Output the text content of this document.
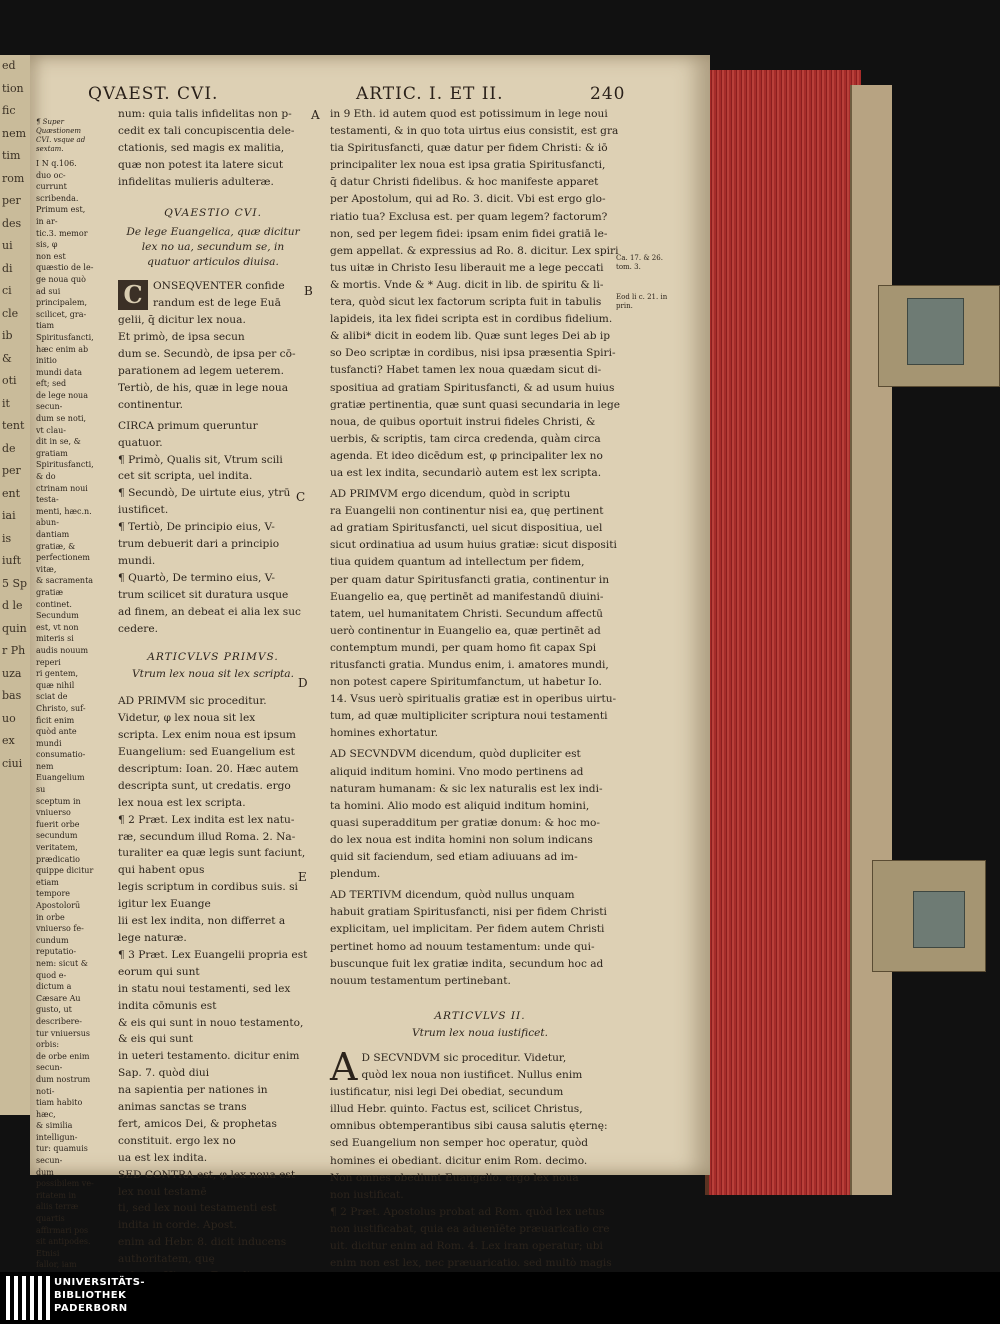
ed
tion
fic
nem
tim
rom
per
des
ui
di
ci
cle
ib
&
oti
it
tent
de
per
ent
iai
is
iuft
5 Sp
d le
quin
r Ph
uza
bas
uo
ex
ciui
QVAEST. CVI.	ARTIC. I. ET II.	240

¶ Super Quæstionem CVI. vsque ad sextam.

I N q.106. duo oc-

currunt scribenda.

Primum est, in ar-

tic.3. memor sis, φ

non est quæstio de le-

ge noua quò ad sui

principalem, scilicet, gra-

tiam Spiritusfancti,

hæc enim ab initio

mundi data eft; sed

de lege noua secun-

dum se noti, vt clau-

dit in se, & gratiam

Spiritusfancti, & do

ctrinam noui testa-

menti, hæc.n. abun-

dantiam gratiæ, &

perfectionem vitæ,

& sacramenta gratiæ

continet. Secundum

est, vt non miteris si

audis nouum reperi

ri gentem, quæ nihil

sciat de Christo, suf-

ficit enim quòd ante

mundi consumatio-

nem Euangelium su

sceptum in vniuerso

fuerit orbe secundum

veritatem, prædicatio

quippe dicitur etiam

tempore Apostolorū

in orbe vniuerso fe-

cundum reputatio-

nem: sicut & quod e-

dictum a Cæsare Au

gusto, ut describere-

tur vniuersus orbis:

de orbe enim secun-

dum nostrum noti-

tiam habito hæc,

& similia intelligun-

tur: quamuis secun-

dum possibilem ve-

ritatem in aliis terræ

quartis affirmari pos

sit antipodes. Etnisi

fallor, iam

num: quia talis infidelitas non p-

cedit ex tali concupiscentia dele-

ctationis, sed magis ex malitia,

quæ non potest ita latere sicut

infidelitas mulieris adulteræ.

QVAESTIO CVI.

De lege Euangelica, quæ dicitur lex no ua, secundum se, in quatuor articulos diuisa.

C ONSEQVENTER confide

randum est de lege Euā

gelii, q̄ dicitur lex noua.

Et primò, de ipsa secun

dum se. Secundò, de ipsa per cō-

parationem ad legem ueterem.

Tertiò, de his, quæ in lege noua

continentur.

CIRCA primum queruntur

quatuor.

¶ Primò, Qualis sit, Vtrum scili

cet sit scripta, uel indita.

¶ Secundò, De uirtute eius, ytrū

iustificet.

¶ Tertiò, De principio eius, V-

trum debuerit dari a principio

mundi.

¶ Quartò, De termino eius, V-

trum scilicet sit duratura usque

ad finem, an debeat ei alia lex suc

cedere.

ARTICVLVS PRIMVS.

Vtrum lex noua sit lex scripta.

AD PRIMVM sic proceditur.

Videtur, φ lex noua sit lex

scripta. Lex enim noua est ipsum

Euangelium: sed Euangelium est

descriptum: Ioan. 20. Hæc autem

descripta sunt, ut credatis. ergo

lex noua est lex scripta.

¶ 2 Præt. Lex indita est lex natu-

ræ, secundum illud Roma. 2. Na-

turaliter ea quæ legis sunt faciunt, qui habent opus

legis scriptum in cordibus suis. si igitur lex Euange

lii est lex indita, non differret a lege naturæ.

¶ 3 Præt. Lex Euangelii propria est eorum qui sunt

in statu noui testamenti, sed lex indita cōmunis est

& eis qui sunt in nouo testamento, & eis qui sunt

in ueteri testamento. dicitur enim Sap. 7. quòd diui

na sapientia per nationes in animas sanctas se trans

fert, amicos Dei, & prophetas constituit. ergo lex no

ua est lex indita.

SED CONTRA est, φ lex noua est lex noui testamē

ti, sed lex noui testamenti est indita in corde. Apost.

enim ad Hebr. 8. dicit inducens authoritatem, quę

in 9 Eth. id autem quod est potissimum in lege noui

testamenti, & in quo tota uirtus eius consistit, est gra

tia Spiritusfancti, quæ datur per fidem Christi: & iō

principaliter lex noua est ipsa gratia Spiritusfancti,

q̄ datur Christi fidelibus. & hoc manifeste apparet

per Apostolum, qui ad Ro. 3. dicit. Vbi est ergo glo-

riatio tua? Exclusa est. per quam legem? factorum?

non, sed per legem fidei: ipsam enim fidei gratiā le-

gem appellat. & expressius ad Ro. 8. dicitur. Lex spiri

tus uitæ in Christo Iesu liberauit me a lege peccati

& mortis. Vnde & * Aug. dicit in lib. de spiritu & li-

tera, quòd sicut lex factorum scripta fuit in tabulis

lapideis, ita lex fidei scripta est in cordibus fidelium.

& alibi* dicit in eodem lib. Quæ sunt leges Dei ab ip

so Deo scriptæ in cordibus, nisi ipsa præsentia Spiri-

tusfancti? Habet tamen lex noua quædam sicut di-

spositiua ad gratiam Spiritusfancti, & ad usum huius

gratiæ pertinentia, quæ sunt quasi secundaria in lege

noua, de quibus oportuit instrui fideles Christi, &

uerbis, & scriptis, tam circa credenda, quàm circa

agenda. Et ideo dicēdum est, φ principaliter lex no

ua est lex indita, secundariò autem est lex scripta.

AD PRIMVM ergo dicendum, quòd in scriptu

ra Euangelii non continentur nisi ea, quę pertinent

ad gratiam Spiritusfancti, uel sicut dispositiua, uel

sicut ordinatiua ad usum huius gratiæ: sicut dispositi

tiua quidem quantum ad intellectum per fidem,

per quam datur Spiritusfancti gratia, continentur in

Euangelio ea, quę pertinēt ad manifestandū diuini-

tatem, uel humanitatem Christi. Secundum affectū

uerò continentur in Euangelio ea, quæ pertinēt ad

contemptum mundi, per quam homo fit capax Spi

ritusfancti gratia. Mundus enim, i. amatores mundi,

non potest capere Spiritumfanctum, ut habetur Io.

14. Vsus uerò spiritualis gratiæ est in operibus uirtu-

tum, ad quæ multipliciter scriptura noui testamenti

homines exhortatur.

AD SECVNDVM dicendum, quòd dupliciter est

aliquid inditum homini. Vno modo pertinens ad

naturam humanam: & sic lex naturalis est lex indi-

ta homini. Alio modo est aliquid inditum homini,

quasi superadditum per gratiæ donum: & hoc mo-

do lex noua est indita homini non solum indicans

quid sit faciendum, sed etiam adiuuans ad im-

plendum.

AD TERTIVM dicendum, quòd nullus unquam

habuit gratiam Spiritusfancti, nisi per fidem Christi

explicitam, uel implicitam. Per fidem autem Christi

pertinet homo ad nouum testamentum: unde qui-

buscunque fuit lex gratiæ indita, secundum hoc ad

nouum testamentum pertinebant.

ARTICVLVS II.

Vtrum lex noua iustificet.

A D SECVNDVM sic proceditur. Videtur,

quòd lex noua non iustificet. Nullus enim

iustificatur, nisi legi Dei obediat, secundum

illud Hebr. quinto. Factus est, scilicet Christus,

omnibus obtemperantibus sibi causa salutis ęternę:

sed Euangelium non semper hoc operatur, quòd

homines ei obediant. dicitur enim Rom. decimo.

Non omnes obediunt Euangelio. ergo lex noua

non iustificat.

¶ 2 Præt. Apostolus probat ad Rom. quòd lex uetus

non iustificabat, quia ea aduenīēte præuaricatio cre

uit. dicitur enim ad Rom. 4. Lex iram operatur; ubi

enim non est lex, nec præuaricatio. sed multò magis

A
B
C
D
E
Ca. 17. & 26. tom. 3.
Eod li c. 21. in prin.
UNIVERSITÄTS-
BIBLIOTHEK
PADERBORN
